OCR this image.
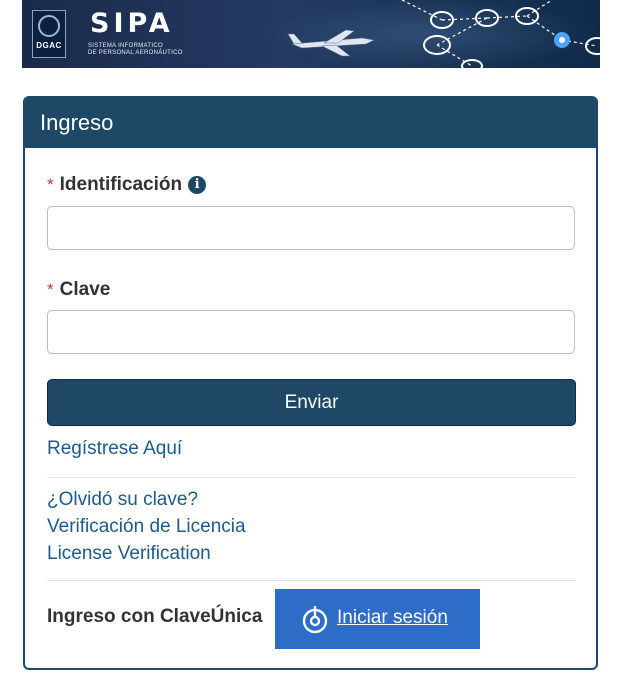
DGAC
SIPA
SISTEMA INFORMATICO
DE PERSONAL AERONÁUTICO
Ingreso
* Identificación i
* Clave
Enviar
Regístrese Aquí
¿Olvidó su clave?
Verificación de Licencia
License Verification
Ingreso con ClaveÚnica	Iniciar sesión
